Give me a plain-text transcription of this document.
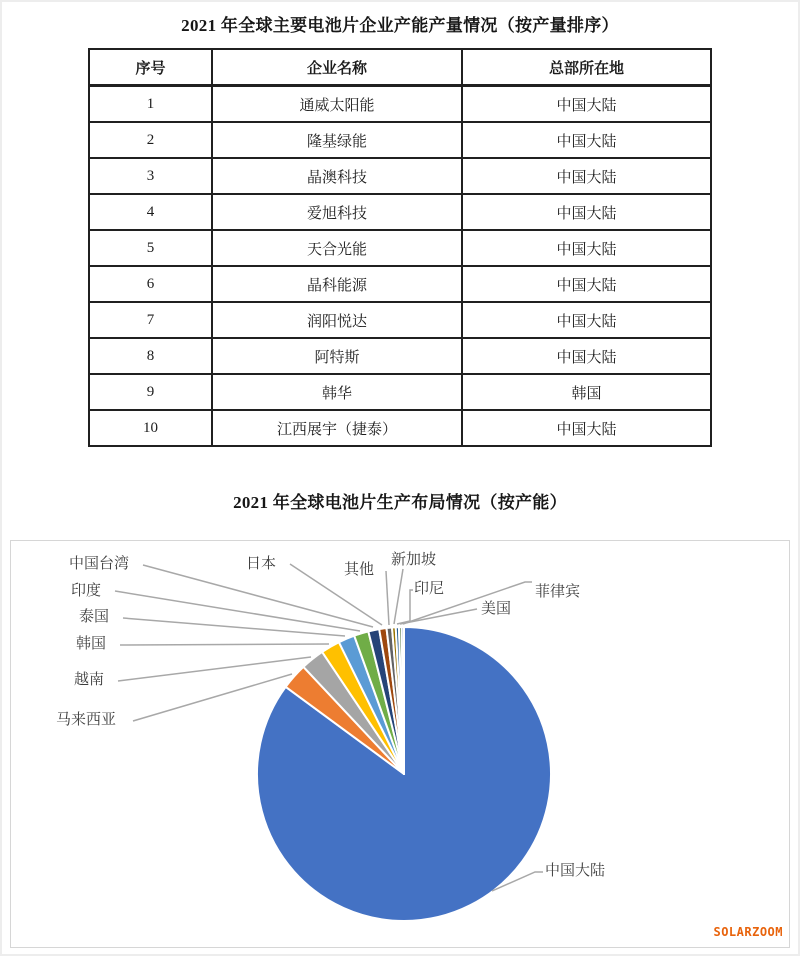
2021 年全球主要电池片企业产能产量情况（按产量排序）
序号	企业名称	总部所在地
1	通威太阳能	中国大陆
2	隆基绿能	中国大陆
3	晶澳科技	中国大陆
4	爱旭科技	中国大陆
5	天合光能	中国大陆
6	晶科能源	中国大陆
7	润阳悦达	中国大陆
8	阿特斯	中国大陆
9	韩华	韩国
10	江西展宇（捷泰）	中国大陆
2021 年全球电池片生产布局情况（按产能）
中国台湾
印度
泰国
韩国
越南
马来西亚
日本	其他
新加坡
印尼
美国
菲律宾
中国大陆
SOLARZOOM
